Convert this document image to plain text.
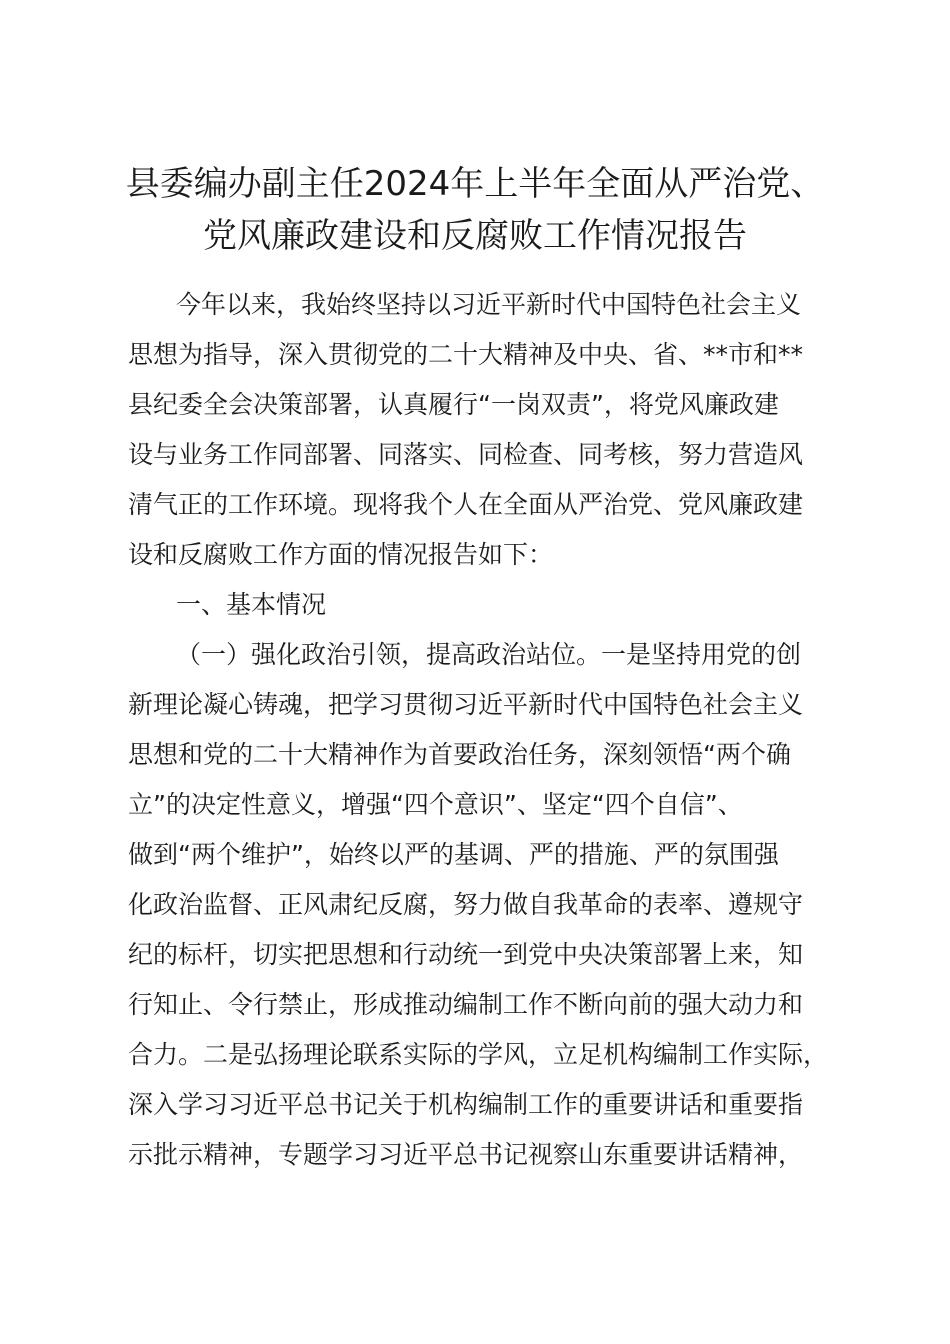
县委编办副主任2024年上半年全面从严治党、
党风廉政建设和反腐败工作情况报告
今年以来，我始终坚持以习近平新时代中国特色社会主义
思想为指导，深入贯彻党的二十大精神及中央、省、**市和**
县纪委全会决策部署，认真履行“一岗双责”，将党风廉政建
设与业务工作同部署、同落实、同检查、同考核，努力营造风
清气正的工作环境。现将我个人在全面从严治党、党风廉政建
设和反腐败工作方面的情况报告如下：
一、基本情况
（一）强化政治引领，提高政治站位。一是坚持用党的创
新理论凝心铸魂，把学习贯彻习近平新时代中国特色社会主义
思想和党的二十大精神作为首要政治任务，深刻领悟“两个确
立”的决定性意义，增强“四个意识”、坚定“四个自信”、
做到“两个维护”，始终以严的基调、严的措施、严的氛围强
化政治监督、正风肃纪反腐，努力做自我革命的表率、遵规守
纪的标杆，切实把思想和行动统一到党中央决策部署上来，知
行知止、令行禁止，形成推动编制工作不断向前的强大动力和
合力。二是弘扬理论联系实际的学风，立足机构编制工作实际，
深入学习习近平总书记关于机构编制工作的重要讲话和重要指
示批示精神，专题学习习近平总书记视察山东重要讲话精神，
